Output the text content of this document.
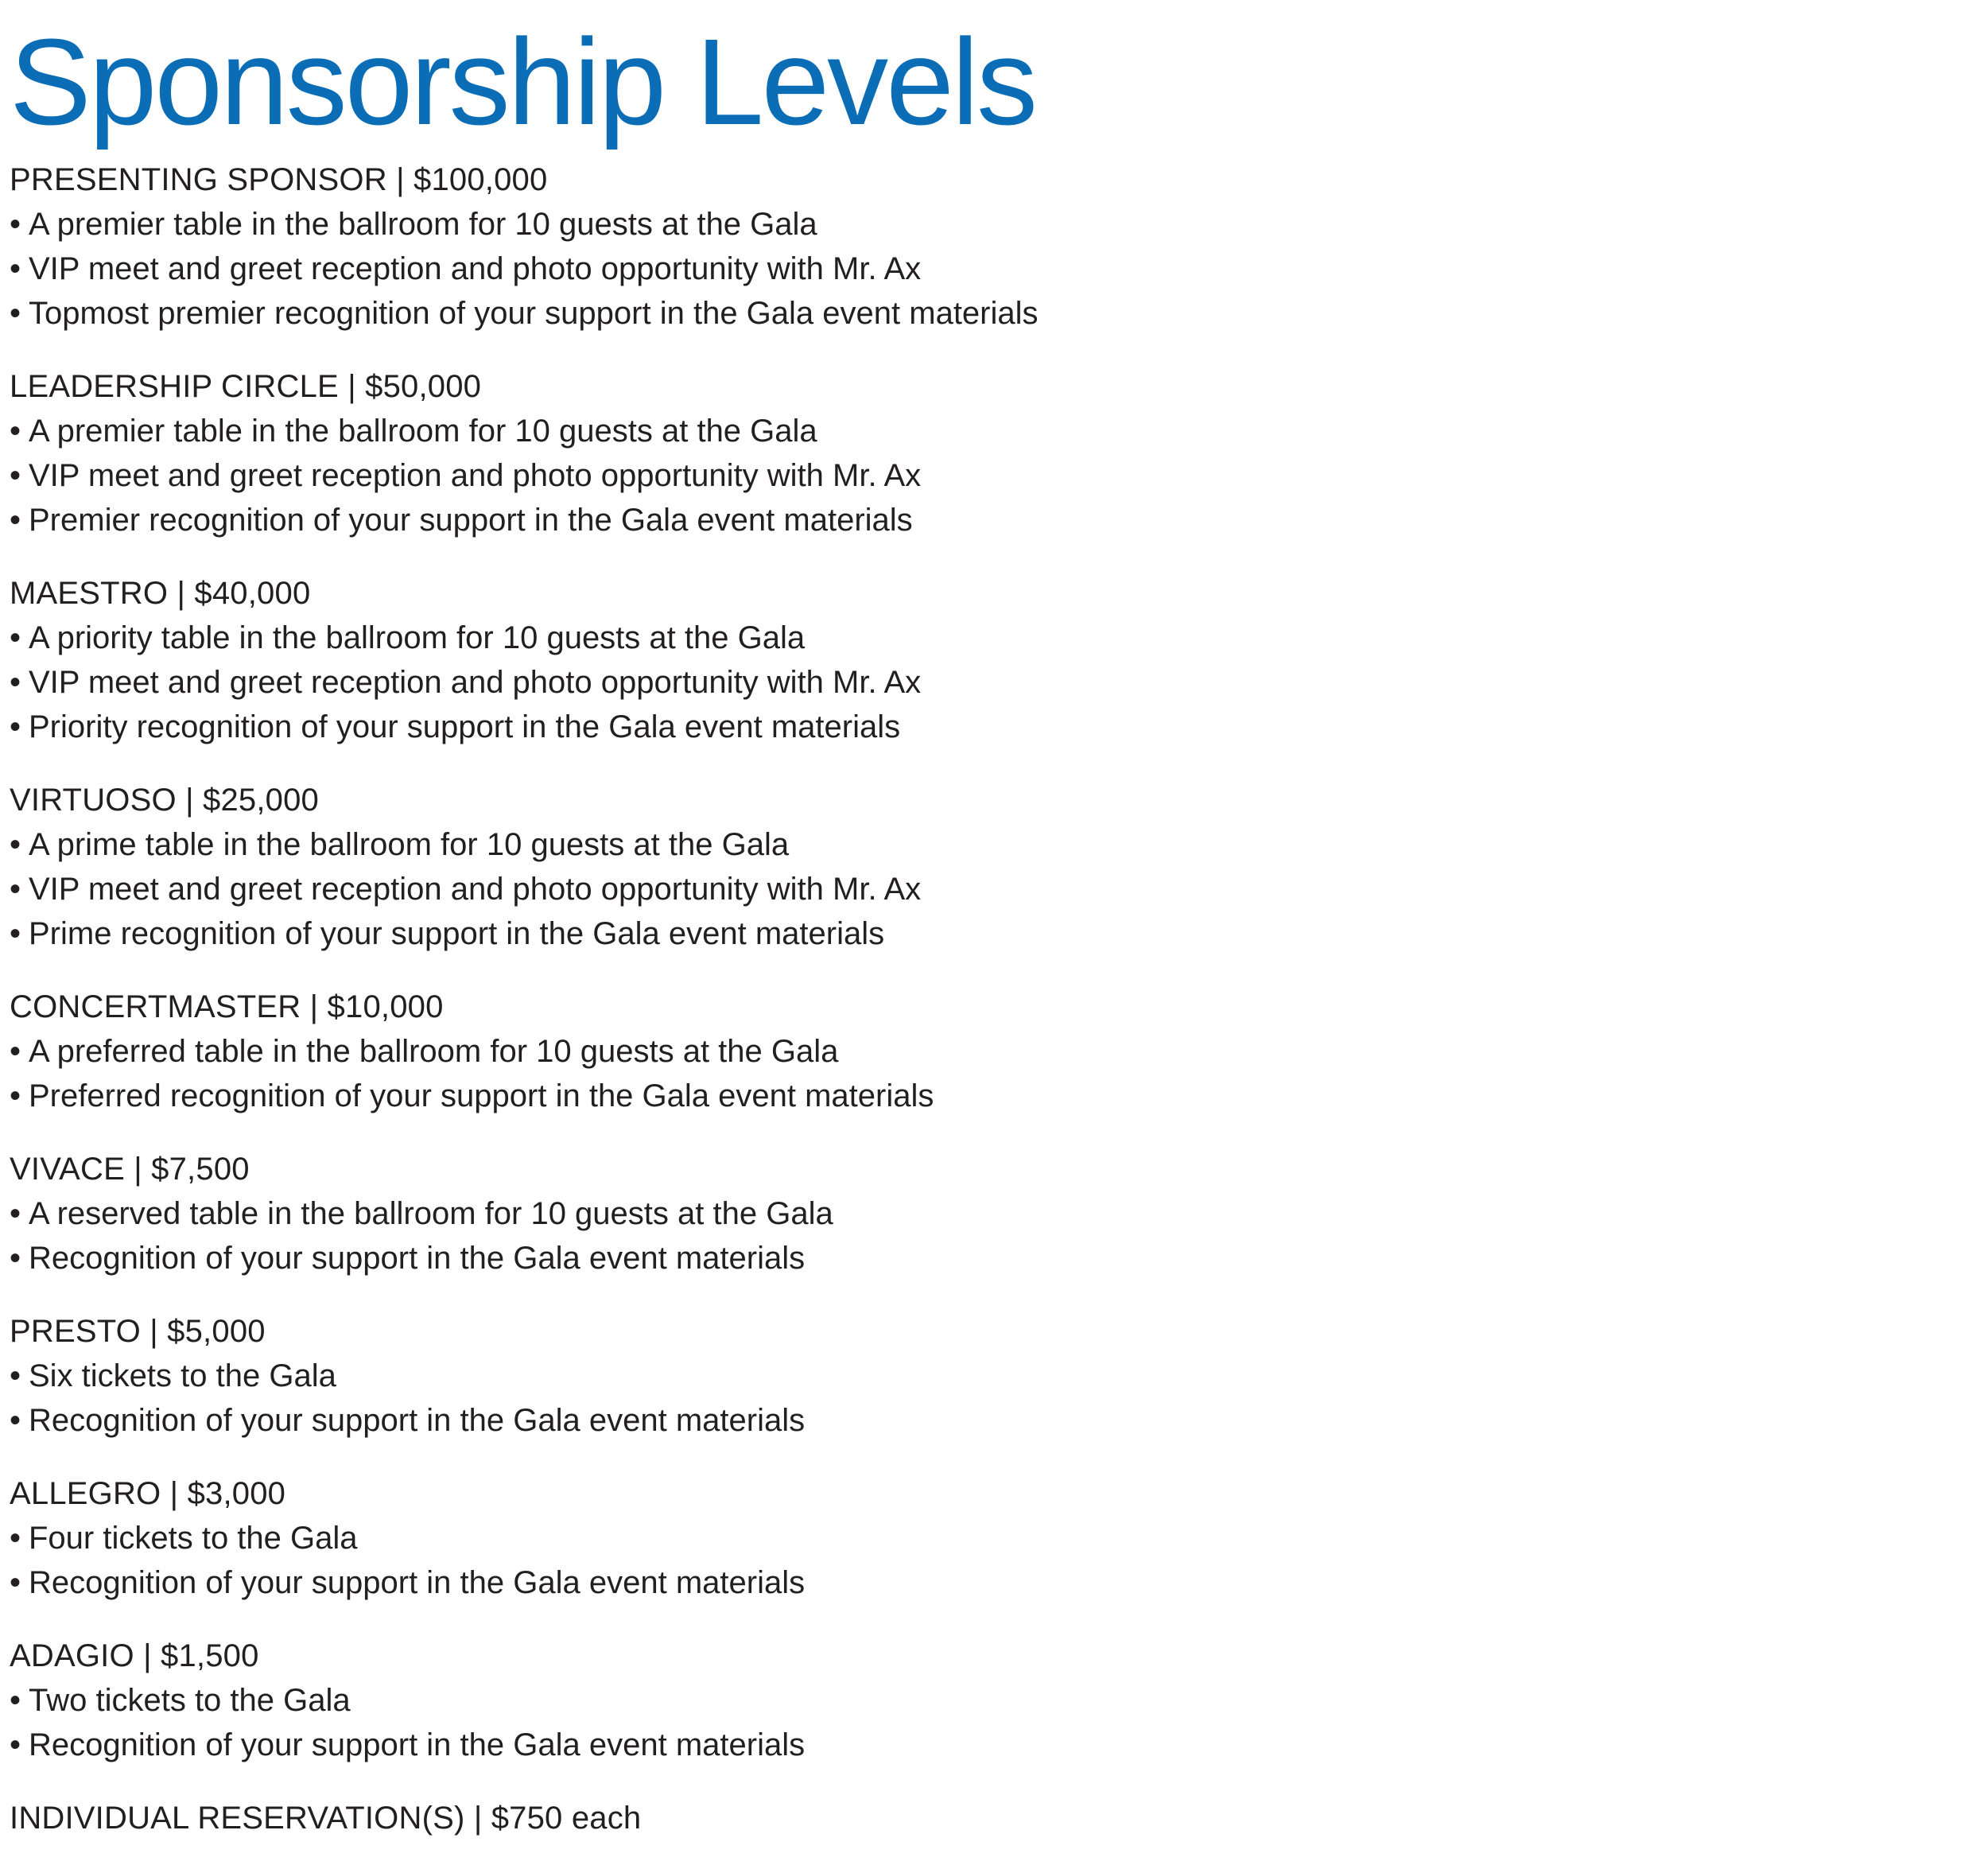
Sponsorship Levels

PRESENTING SPONSOR | $100,000

• A premier table in the ballroom for 10 guests at the Gala

• VIP meet and greet reception and photo opportunity with Mr. Ax

• Topmost premier recognition of your support in the Gala event materials

LEADERSHIP CIRCLE | $50,000

• A premier table in the ballroom for 10 guests at the Gala

• VIP meet and greet reception and photo opportunity with Mr. Ax

• Premier recognition of your support in the Gala event materials

MAESTRO | $40,000

• A priority table in the ballroom for 10 guests at the Gala

• VIP meet and greet reception and photo opportunity with Mr. Ax

• Priority recognition of your support in the Gala event materials

VIRTUOSO | $25,000

• A prime table in the ballroom for 10 guests at the Gala

• VIP meet and greet reception and photo opportunity with Mr. Ax

• Prime recognition of your support in the Gala event materials

CONCERTMASTER | $10,000

• A preferred table in the ballroom for 10 guests at the Gala

• Preferred recognition of your support in the Gala event materials

VIVACE | $7,500

• A reserved table in the ballroom for 10 guests at the Gala

• Recognition of your support in the Gala event materials

PRESTO | $5,000

• Six tickets to the Gala

• Recognition of your support in the Gala event materials

ALLEGRO | $3,000

• Four tickets to the Gala

• Recognition of your support in the Gala event materials

ADAGIO | $1,500

• Two tickets to the Gala

• Recognition of your support in the Gala event materials

INDIVIDUAL RESERVATION(S) | $750 each
